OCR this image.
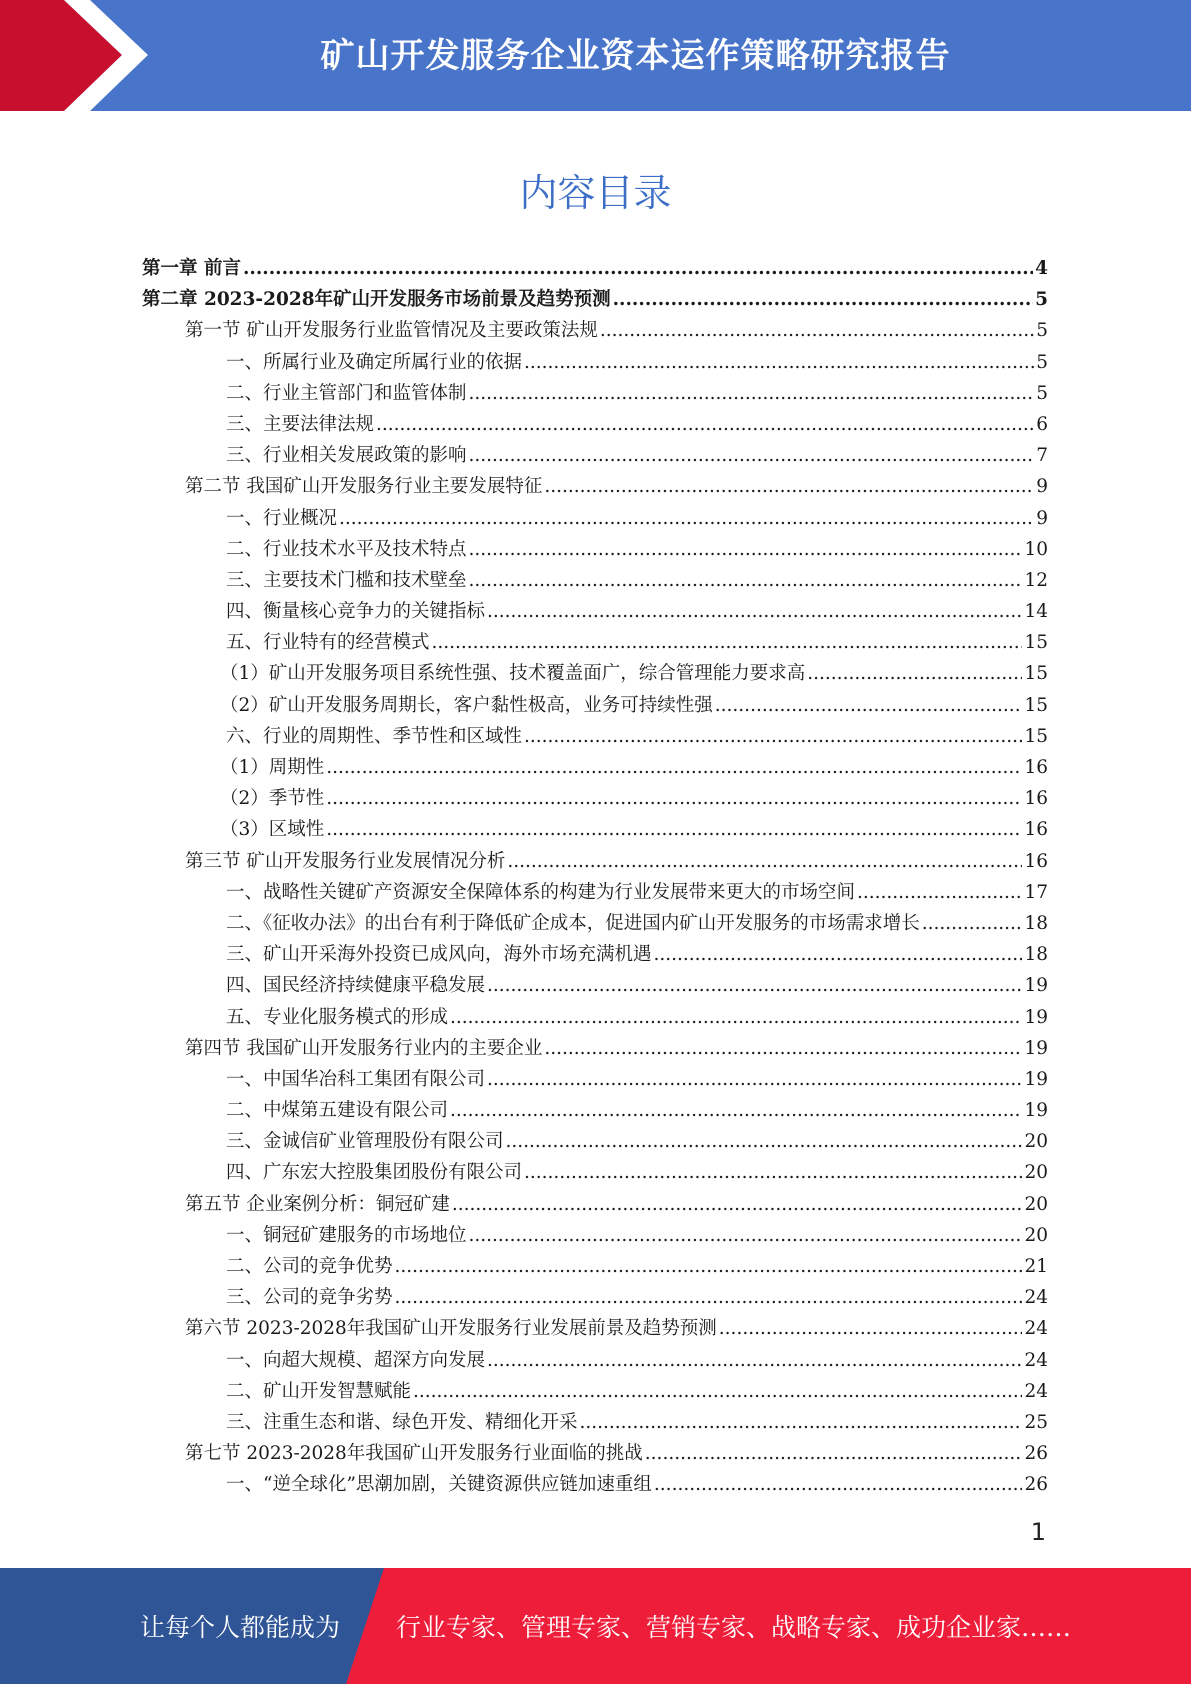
矿山开发服务企业资本运作策略研究报告
内容目录
第一章 前言 .....	4
第二章 2023-2028年矿山开发服务市场前景及趋势预测 .....	5
第一节 矿山开发服务行业监管情况及主要政策法规 .....	5
一、所属行业及确定所属行业的依据 .....	5
二、行业主管部门和监管体制 .....	5
三、主要法律法规 .....	6
三、行业相关发展政策的影响 .....	7
第二节 我国矿山开发服务行业主要发展特征 .....	9
一、行业概况 .....	9
二、行业技术水平及技术特点 .....	10
三、主要技术门槛和技术壁垒 .....	12
四、衡量核心竞争力的关键指标 .....	14
五、行业特有的经营模式 .....	15
（1）矿山开发服务项目系统性强、技术覆盖面广，综合管理能力要求高 .....	15
（2）矿山开发服务周期长，客户黏性极高，业务可持续性强 .....	15
六、行业的周期性、季节性和区域性 .....	15
（1）周期性 .....	16
（2）季节性 .....	16
（3）区域性 .....	16
第三节 矿山开发服务行业发展情况分析 .....	16
一、战略性关键矿产资源安全保障体系的构建为行业发展带来更大的市场空间 .....	17
二、《征收办法》的出台有利于降低矿企成本，促进国内矿山开发服务的市场需求增长 .....	18
三、矿山开采海外投资已成风向，海外市场充满机遇 .....	18
四、国民经济持续健康平稳发展 .....	19
五、专业化服务模式的形成 .....	19
第四节 我国矿山开发服务行业内的主要企业 .....	19
一、中国华冶科工集团有限公司 .....	19
二、中煤第五建设有限公司 .....	19
三、金诚信矿业管理股份有限公司 .....	20
四、广东宏大控股集团股份有限公司 .....	20
第五节 企业案例分析：铜冠矿建 .....	20
一、铜冠矿建服务的市场地位 .....	20
二、公司的竞争优势 .....	21
三、公司的竞争劣势 .....	24
第六节 2023-2028年我国矿山开发服务行业发展前景及趋势预测 .....	24
一、向超大规模、超深方向发展 .....	24
二、矿山开发智慧赋能 .....	24
三、注重生态和谐、绿色开发、精细化开采 .....	25
第七节 2023-2028年我国矿山开发服务行业面临的挑战 .....	26
一、“逆全球化”思潮加剧，关键资源供应链加速重组 .....	26
1
让每个人都能成为 行业专家、管理专家、营销专家、战略专家、成功企业家……
